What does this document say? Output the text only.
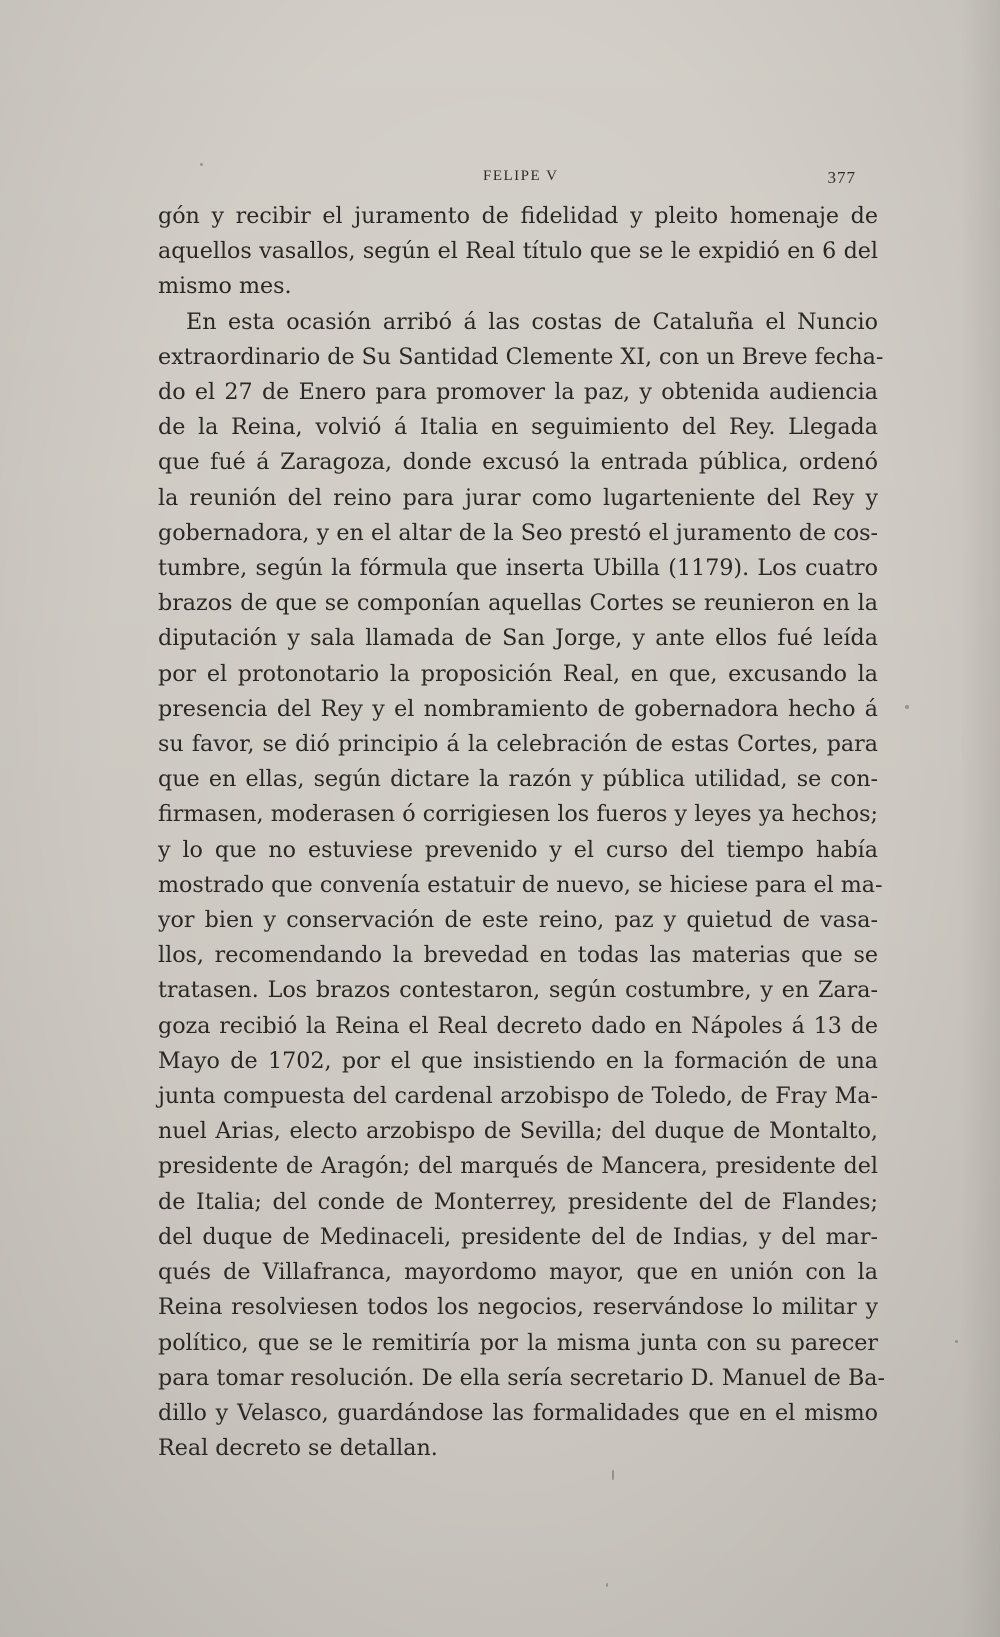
FELIPE V	377
gón y recibir el juramento de fidelidad y pleito homenaje de
aquellos vasallos, según el Real título que se le expidió en 6 del
mismo mes.
En esta ocasión arribó á las costas de Cataluña el Nuncio
extraordinario de Su Santidad Clemente XI, con un Breve fecha-
do el 27 de Enero para promover la paz, y obtenida audiencia
de la Reina, volvió á Italia en seguimiento del Rey. Llegada
que fué á Zaragoza, donde excusó la entrada pública, ordenó
la reunión del reino para jurar como lugarteniente del Rey y
gobernadora, y en el altar de la Seo prestó el juramento de cos-
tumbre, según la fórmula que inserta Ubilla (1179). Los cuatro
brazos de que se componían aquellas Cortes se reunieron en la
diputación y sala llamada de San Jorge, y ante ellos fué leída
por el protonotario la proposición Real, en que, excusando la
presencia del Rey y el nombramiento de gobernadora hecho á
su favor, se dió principio á la celebración de estas Cortes, para
que en ellas, según dictare la razón y pública utilidad, se con-
firmasen, moderasen ó corrigiesen los fueros y leyes ya hechos;
y lo que no estuviese prevenido y el curso del tiempo había
mostrado que convenía estatuir de nuevo, se hiciese para el ma-
yor bien y conservación de este reino, paz y quietud de vasa-
llos, recomendando la brevedad en todas las materias que se
tratasen. Los brazos contestaron, según costumbre, y en Zara-
goza recibió la Reina el Real decreto dado en Nápoles á 13 de
Mayo de 1702, por el que insistiendo en la formación de una
junta compuesta del cardenal arzobispo de Toledo, de Fray Ma-
nuel Arias, electo arzobispo de Sevilla; del duque de Montalto,
presidente de Aragón; del marqués de Mancera, presidente del
de Italia; del conde de Monterrey, presidente del de Flandes;
del duque de Medinaceli, presidente del de Indias, y del mar-
qués de Villafranca, mayordomo mayor, que en unión con la
Reina resolviesen todos los negocios, reservándose lo militar y
político, que se le remitiría por la misma junta con su parecer
para tomar resolución. De ella sería secretario D. Manuel de Ba-
dillo y Velasco, guardándose las formalidades que en el mismo
Real decreto se detallan.
